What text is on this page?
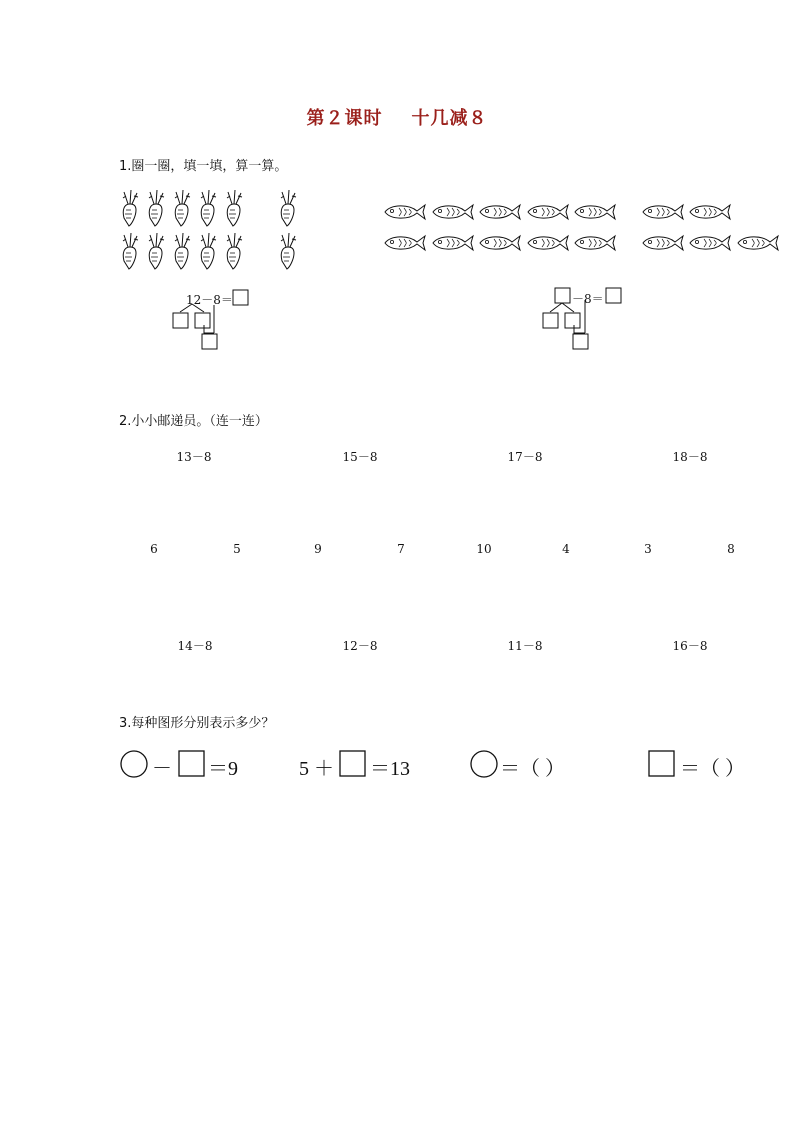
第２课时 十几减８
1.圈一圈，填一填，算一算。
12－8＝	－8＝
2.小小邮递员。（连一连）
13－8	15－8	17－8	18－8
6	5	9	7	10	4	3	8
14－8	12－8	11－8	16－8
3.每种图形分别表示多少？
－ ＝9	5 ＋ ＝13	＝（ ）	＝（ ）
